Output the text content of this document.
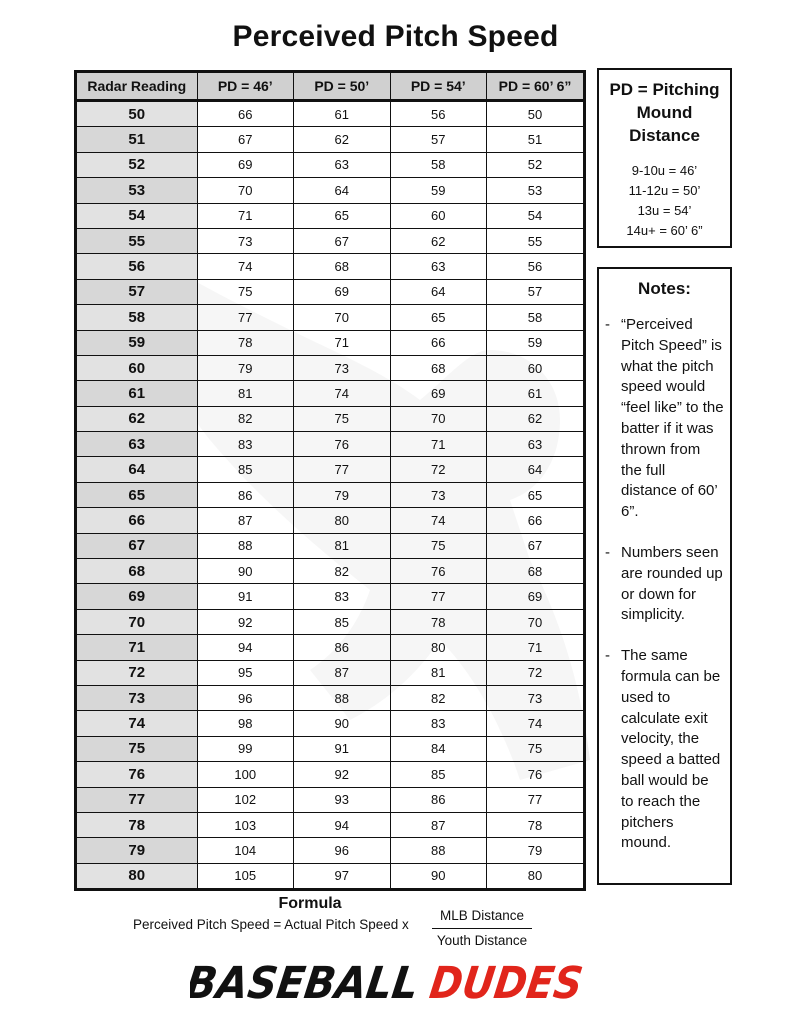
Perceived Pitch Speed
Radar Reading	PD = 46’	PD = 50’	PD = 54’	PD = 60’ 6”
50	66	61	56	50
51	67	62	57	51
52	69	63	58	52
53	70	64	59	53
54	71	65	60	54
55	73	67	62	55
56	74	68	63	56
57	75	69	64	57
58	77	70	65	58
59	78	71	66	59
60	79	73	68	60
61	81	74	69	61
62	82	75	70	62
63	83	76	71	63
64	85	77	72	64
65	86	79	73	65
66	87	80	74	66
67	88	81	75	67
68	90	82	76	68
69	91	83	77	69
70	92	85	78	70
71	94	86	80	71
72	95	87	81	72
73	96	88	82	73
74	98	90	83	74
75	99	91	84	75
76	100	92	85	76
77	102	93	86	77
78	103	94	87	78
79	104	96	88	79
80	105	97	90	80
PD = Pitching Mound Distance
9-10u = 46’
11-12u = 50’
13u = 54’
14u+ = 60’ 6”
Notes:
- “Perceived Pitch Speed” is what the pitch speed would “feel like” to the batter if it was thrown from the full distance of 60’ 6”.
- Numbers seen are rounded up or down for simplicity.
- The same formula can be used to calculate exit velocity, the speed a batted ball would be to reach the pitchers mound.
Formula
Perceived Pitch Speed = Actual Pitch Speed x
MLB Distance
Youth Distance
BASEBALL
DUDES
